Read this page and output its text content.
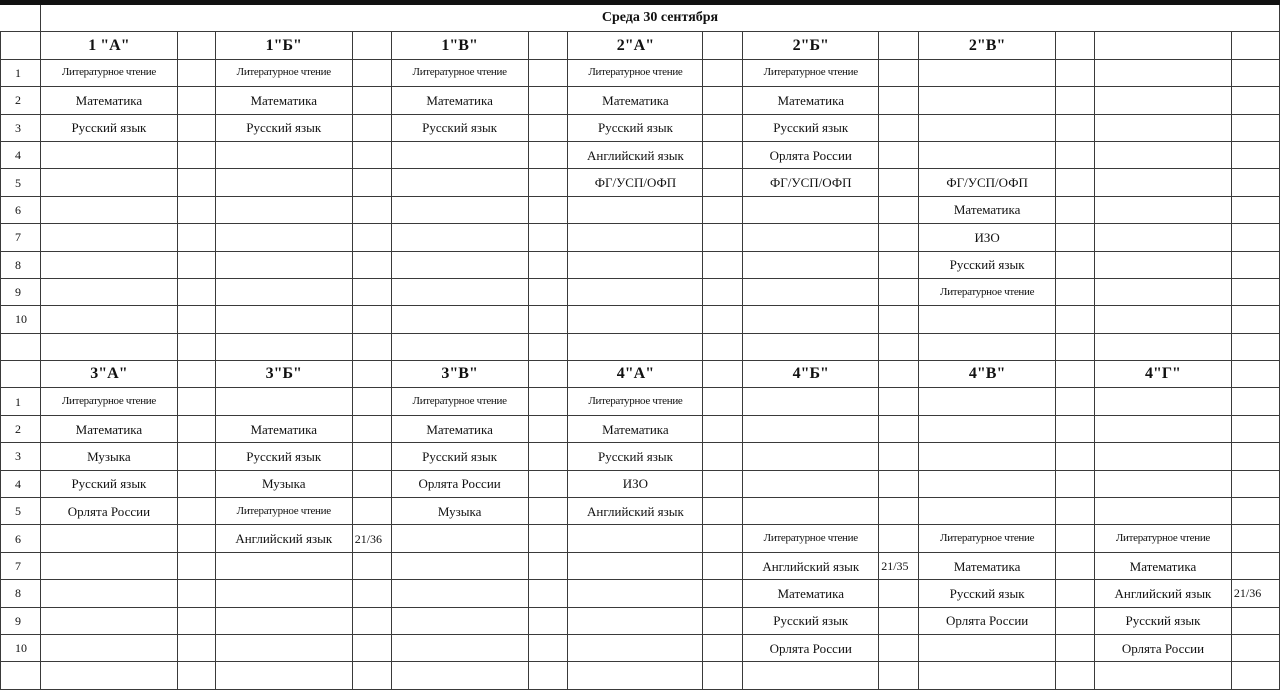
	Среда 30 сентября													
	1 "А"		1"Б"		1"В"		2"А"		2"Б"		2"В"			
1	Литературное чтение		Литературное чтение		Литературное чтение		Литературное чтение		Литературное чтение					
2	Математика		Математика		Математика		Математика		Математика					
3	Русский язык		Русский язык		Русский язык		Русский язык		Русский язык					
4							Английский язык		Орлята России					
5							ФГ/УСП/ОФП		ФГ/УСП/ОФП		ФГ/УСП/ОФП			
6											Математика			
7											ИЗО			
8											Русский язык			
9											Литературное чтение			
10														

	3"А"		3"Б"		3"В"		4"А"		4"Б"		4"В"		4"Г"	
1	Литературное чтение				Литературное чтение		Литературное чтение							
2	Математика		Математика		Математика		Математика							
3	Музыка		Русский язык		Русский язык		Русский язык							
4	Русский язык		Музыка		Орлята России		ИЗО							
5	Орлята России		Литературное чтение		Музыка		Английский язык							
6			Английский язык	21/36					Литературное чтение		Литературное чтение		Литературное чтение	
7									Английский язык	21/35	Математика		Математика	
8									Математика		Русский язык		Английский язык	21/36
9									Русский язык		Орлята России		Русский язык	
10									Орлята России				Орлята России	
